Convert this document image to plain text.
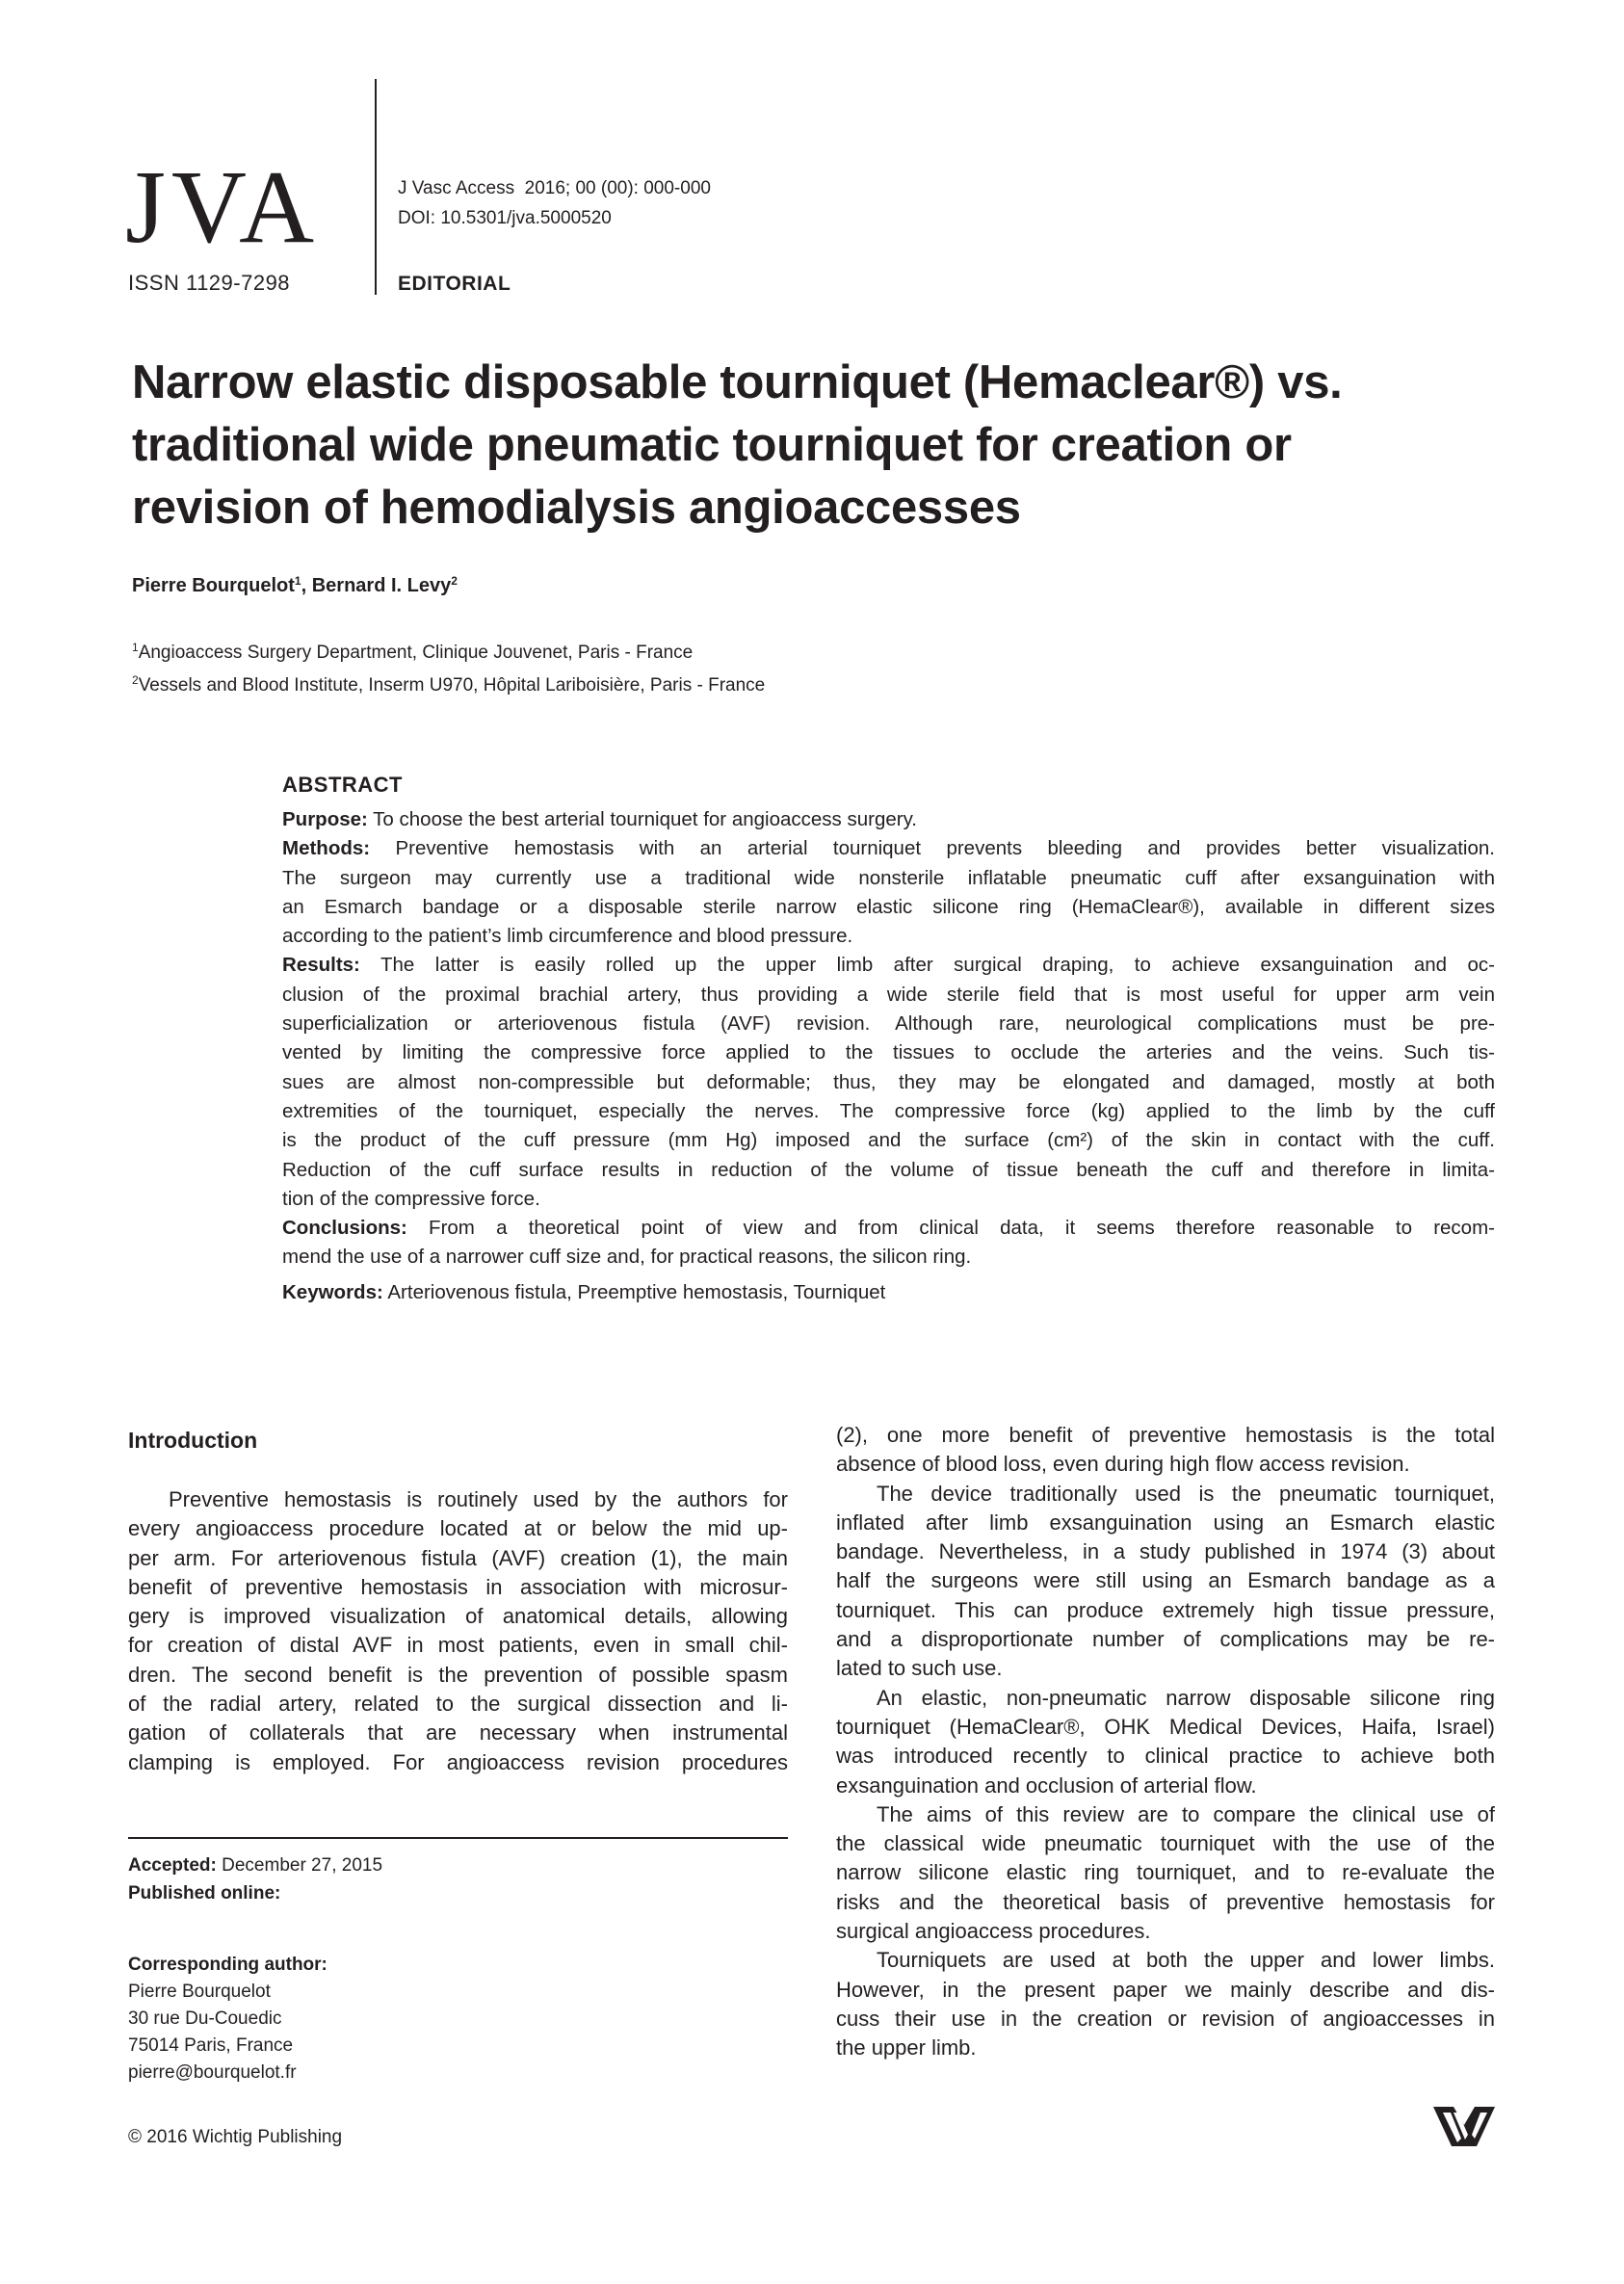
JVA
ISSN 1129-7298
J Vasc Access  2016; 00 (00): 000-000
DOI: 10.5301/jva.5000520
EDITORIAL
Narrow elastic disposable tourniquet (Hemaclear®) vs.
traditional wide pneumatic tourniquet for creation or
revision of hemodialysis angioaccesses
Pierre Bourquelot$^1$, Bernard I. Levy$^2$
$^1$Angioaccess Surgery Department, Clinique Jouvenet, Paris - France
$^2$Vessels and Blood Institute, Inserm U970, Hôpital Lariboisière, Paris - France
ABSTRACT
Purpose: To choose the best arterial tourniquet for angioaccess surgery.
Methods: Preventive hemostasis with an arterial tourniquet prevents bleeding and provides better visualization.
The surgeon may currently use a traditional wide nonsterile inflatable pneumatic cuff after exsanguination with
an Esmarch bandage or a disposable sterile narrow elastic silicone ring (HemaClear®), available in different sizes
according to the patient’s limb circumference and blood pressure.
Results: The latter is easily rolled up the upper limb after surgical draping, to achieve exsanguination and oc-
clusion of the proximal brachial artery, thus providing a wide sterile field that is most useful for upper arm vein
superficialization or arteriovenous fistula (AVF) revision. Although rare, neurological complications must be pre-
vented by limiting the compressive force applied to the tissues to occlude the arteries and the veins. Such tis-
sues are almost non-compressible but deformable; thus, they may be elongated and damaged, mostly at both
extremities of the tourniquet, especially the nerves. The compressive force (kg) applied to the limb by the cuff
is the product of the cuff pressure (mm Hg) imposed and the surface (cm²) of the skin in contact with the cuff.
Reduction of the cuff surface results in reduction of the volume of tissue beneath the cuff and therefore in limita-
tion of the compressive force.
Conclusions: From a theoretical point of view and from clinical data, it seems therefore reasonable to recom-
mend the use of a narrower cuff size and, for practical reasons, the silicon ring.
Keywords: Arteriovenous fistula, Preemptive hemostasis, Tourniquet
Introduction
Preventive hemostasis is routinely used by the authors for
every angioaccess procedure located at or below the mid up-
per arm. For arteriovenous fistula (AVF) creation (1), the main
benefit of preventive hemostasis in association with microsur-
gery is improved visualization of anatomical details, allowing
for creation of distal AVF in most patients, even in small chil-
dren. The second benefit is the prevention of possible spasm
of the radial artery, related to the surgical dissection and li-
gation of collaterals that are necessary when instrumental
clamping is employed. For angioaccess revision procedures
(2), one more benefit of preventive hemostasis is the total
absence of blood loss, even during high flow access revision.
The device traditionally used is the pneumatic tourniquet,
inflated after limb exsanguination using an Esmarch elastic
bandage. Nevertheless, in a study published in 1974 (3) about
half the surgeons were still using an Esmarch bandage as a
tourniquet. This can produce extremely high tissue pressure,
and a disproportionate number of complications may be re-
lated to such use.
An elastic, non-pneumatic narrow disposable silicone ring
tourniquet (HemaClear®, OHK Medical Devices, Haifa, Israel)
was introduced recently to clinical practice to achieve both
exsanguination and occlusion of arterial flow.
The aims of this review are to compare the clinical use of
the classical wide pneumatic tourniquet with the use of the
narrow silicone elastic ring tourniquet, and to re-evaluate the
risks and the theoretical basis of preventive hemostasis for
surgical angioaccess procedures.
Tourniquets are used at both the upper and lower limbs.
However, in the present paper we mainly describe and dis-
cuss their use in the creation or revision of angioaccesses in
the upper limb.
Accepted: December 27, 2015
Published online:
Corresponding author:
Pierre Bourquelot
30 rue Du-Couedic
75014 Paris, France
pierre@bourquelot.fr
© 2016 Wichtig Publishing
